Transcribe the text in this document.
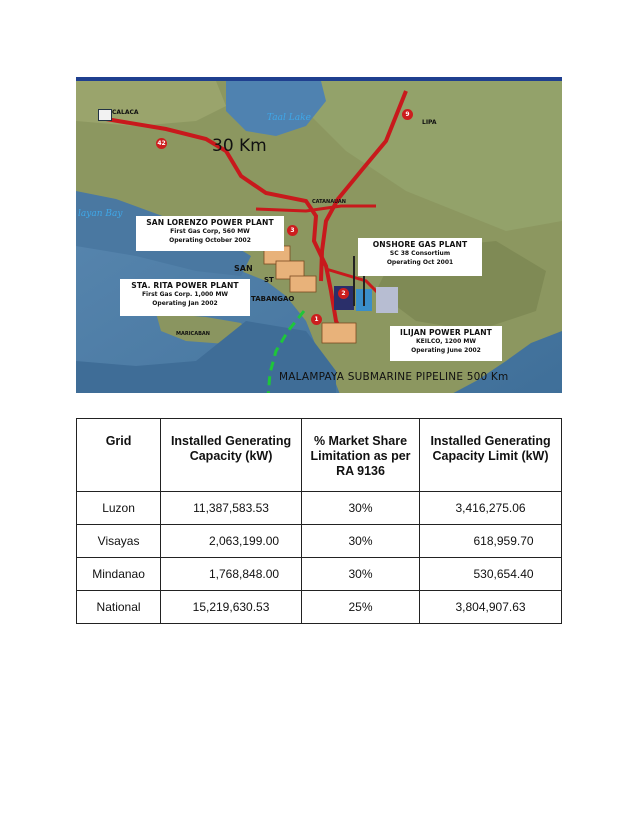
CALACA
Taal Lake	LIPA
CATANAUAN
layan Bay
TABANGAO
SAN
ST
MARICABAN
30 Km
42
9
3
2
1
SAN LORENZO POWER PLANT
First Gas Corp, 560 MW
Operating October 2002	ONSHORE GAS PLANT
SC 38 Consortium
Operating Oct 2001
STA. RITA POWER PLANT
First Gas Corp. 1,000 MW
Operating Jan 2002
ILIJAN POWER PLANT
KEILCO, 1200 MW
Operating June 2002
MALAMPAYA SUBMARINE PIPELINE 500 Km
Grid	Installed Generating Capacity (kW)	% Market Share Limitation as per RA 9136	Installed Generating Capacity Limit (kW)
Luzon	11,387,583.53	30%	3,416,275.06
Visayas	2,063,199.00	30%	618,959.70
Mindanao	1,768,848.00	30%	530,654.40
National	15,219,630.53	25%	3,804,907.63
